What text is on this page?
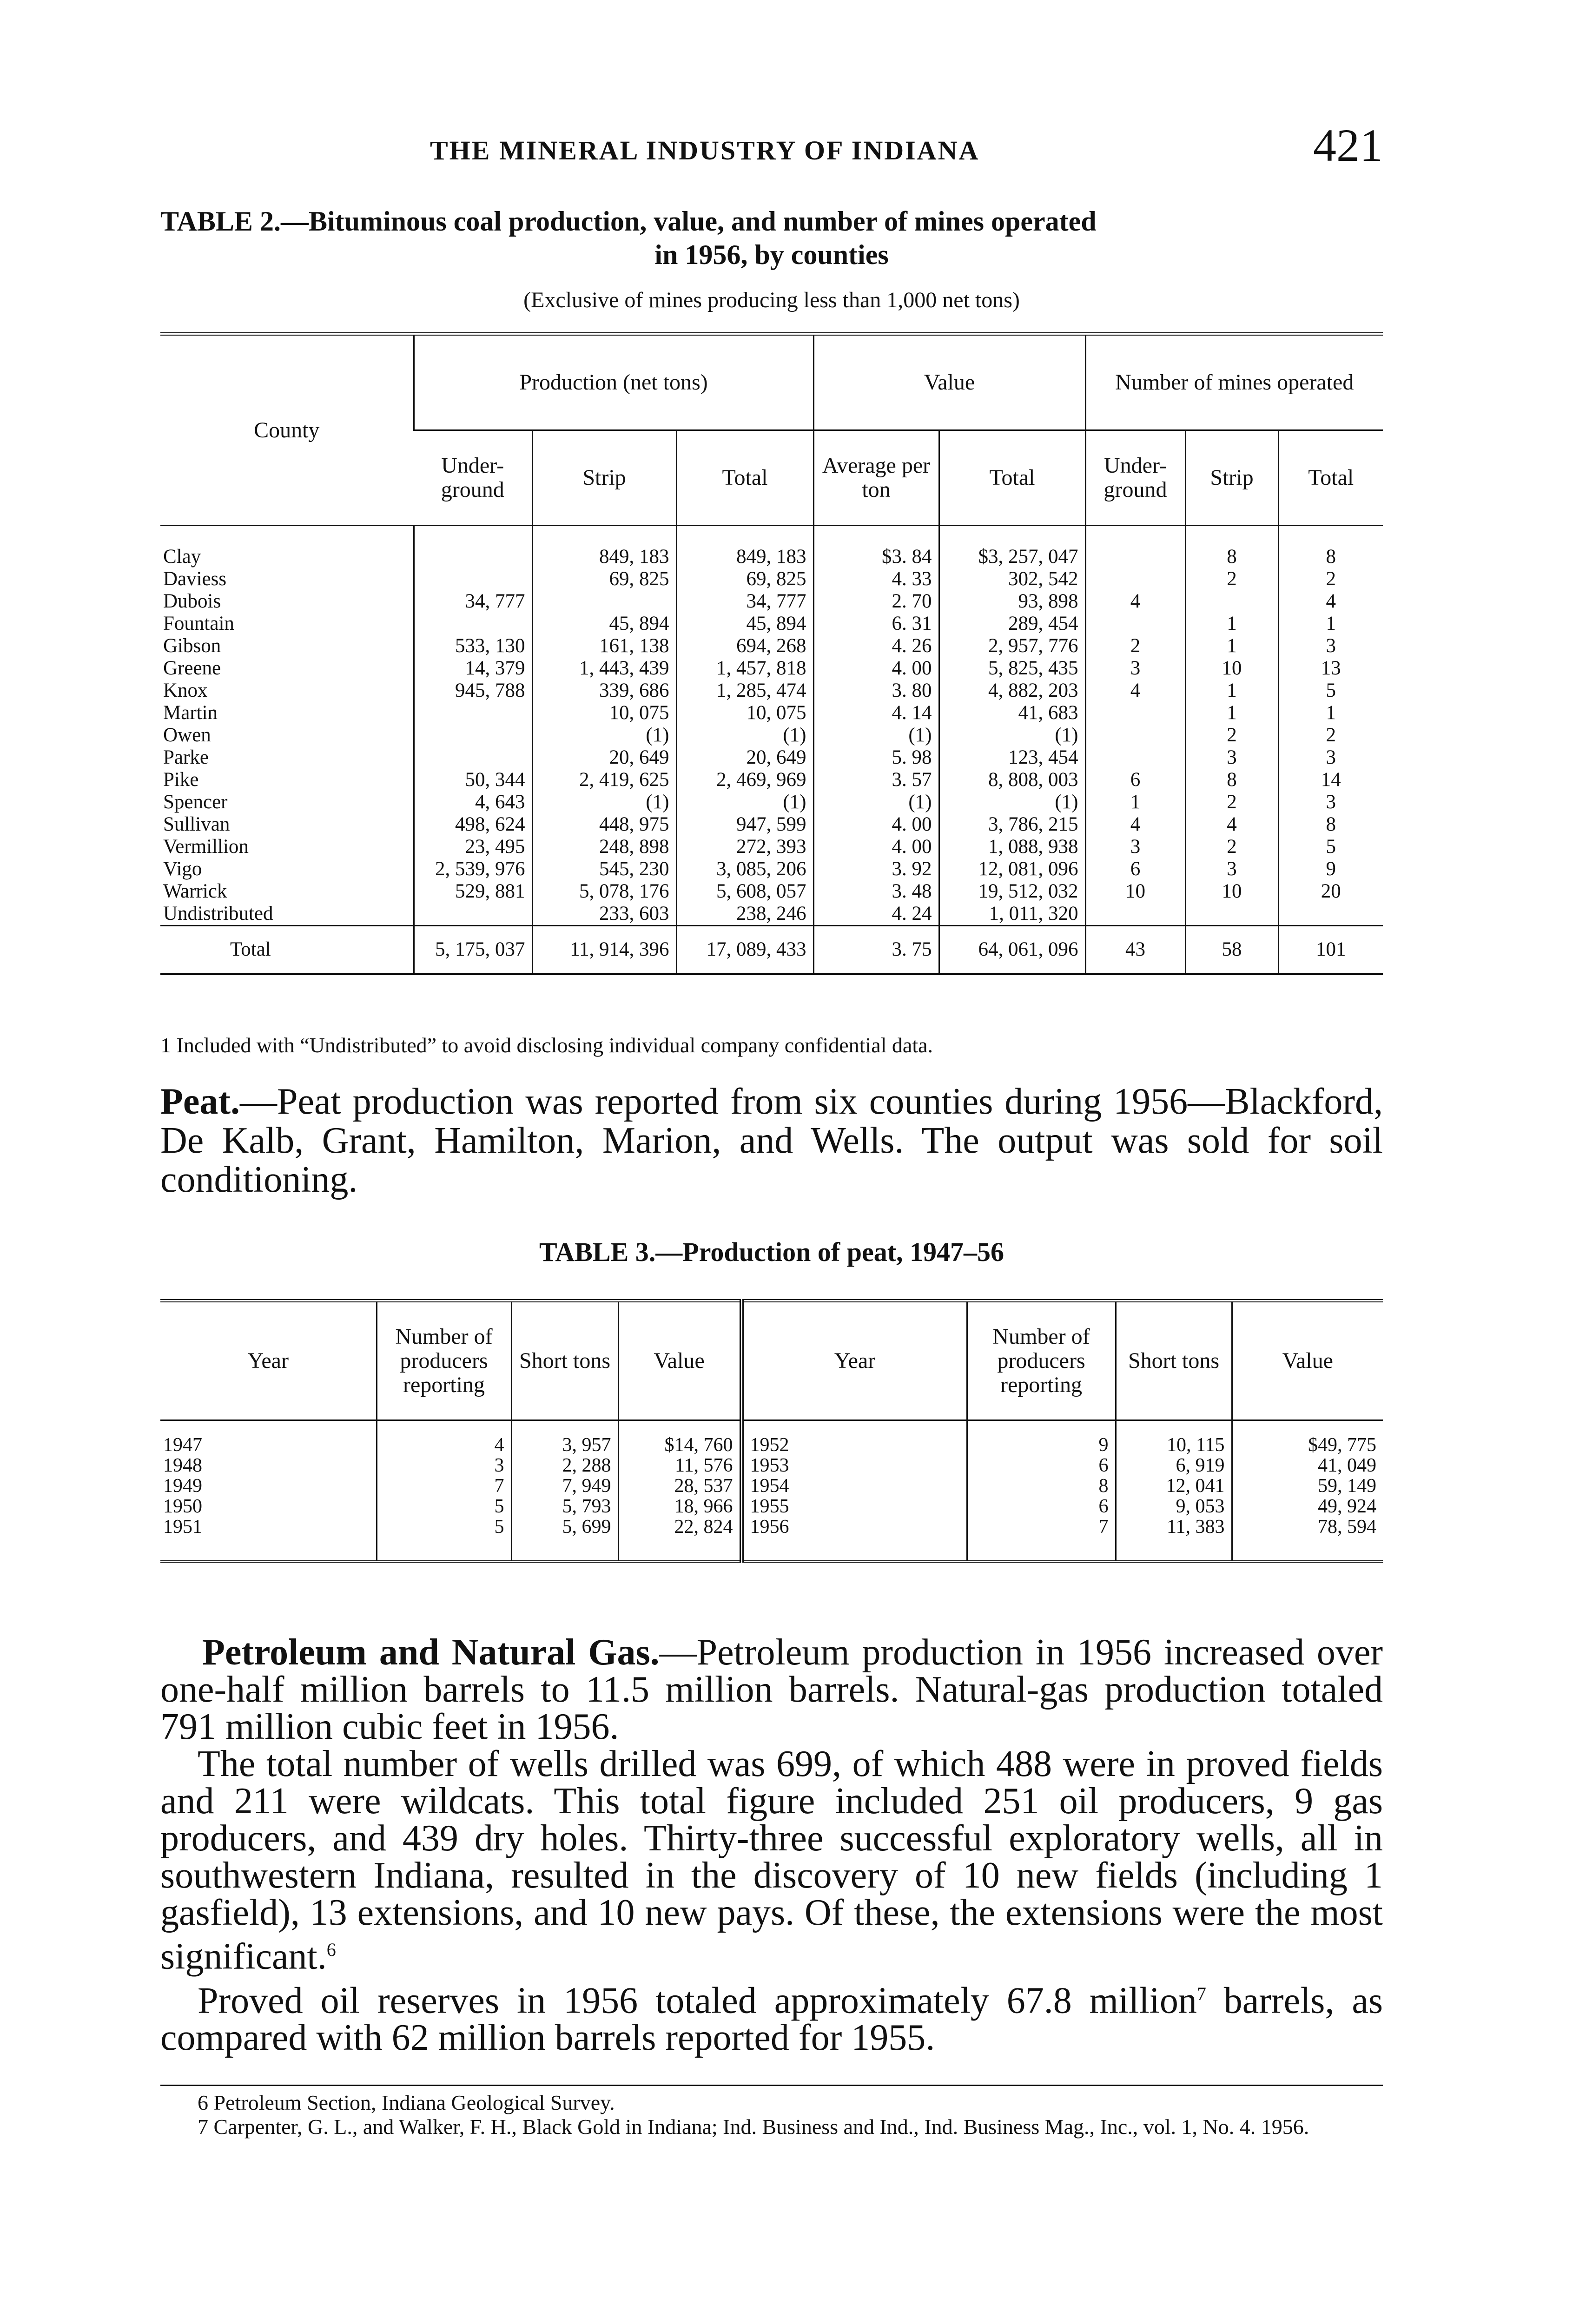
THE MINERAL INDUSTRY OF INDIANA	421
TABLE 2.—Bituminous coal production, value, and number of mines operated
in 1956, by counties
(Exclusive of mines producing less than 1,000 net tons)
County	Production (net tons)			Value		Number of mines operated		
	Under-ground	Strip	Total	Average per ton	Total	Under-ground	Strip	Total
Clay		849, 183	849, 183	$3. 84	$3, 257, 047		8	8
Daviess		69, 825	69, 825	4. 33	302, 542		2	2
Dubois	34, 777		34, 777	2. 70	93, 898	4		4
Fountain		45, 894	45, 894	6. 31	289, 454		1	1
Gibson	533, 130	161, 138	694, 268	4. 26	2, 957, 776	2	1	3
Greene	14, 379	1, 443, 439	1, 457, 818	4. 00	5, 825, 435	3	10	13
Knox	945, 788	339, 686	1, 285, 474	3. 80	4, 882, 203	4	1	5
Martin		10, 075	10, 075	4. 14	41, 683		1	1
Owen		(1)	(1)	(1)	(1)		2	2
Parke		20, 649	20, 649	5. 98	123, 454		3	3
Pike	50, 344	2, 419, 625	2, 469, 969	3. 57	8, 808, 003	6	8	14
Spencer	4, 643	(1)	(1)	(1)	(1)	1	2	3
Sullivan	498, 624	448, 975	947, 599	4. 00	3, 786, 215	4	4	8
Vermillion	23, 495	248, 898	272, 393	4. 00	1, 088, 938	3	2	5
Vigo	2, 539, 976	545, 230	3, 085, 206	3. 92	12, 081, 096	6	3	9
Warrick	529, 881	5, 078, 176	5, 608, 057	3. 48	19, 512, 032	10	10	20
Undistributed		233, 603	238, 246	4. 24	1, 011, 320			
Total	5, 175, 037	11, 914, 396	17, 089, 433	3. 75	64, 061, 096	43	58	101
1 Included with “Undistributed” to avoid disclosing individual company confidential data.
Peat.—Peat production was reported from six counties during 1956—Blackford, De Kalb, Grant, Hamilton, Marion, and Wells. The output was sold for soil conditioning.
TABLE 3.—Production of peat, 1947–56
Year	Number of producers reporting	Short tons	Value	Year	Number of producers reporting	Short tons	Value
1947	4	3, 957	$14, 760	1952	9	10, 115	$49, 775
1948	3	2, 288	11, 576	1953	6	6, 919	41, 049
1949	7	7, 949	28, 537	1954	8	12, 041	59, 149
1950	5	5, 793	18, 966	1955	6	9, 053	49, 924
1951	5	5, 699	22, 824	1956	7	11, 383	78, 594

Petroleum and Natural Gas.—Petroleum production in 1956 increased over one-half million barrels to 11.5 million barrels. Natural-gas production totaled 791 million cubic feet in 1956.

The total number of wells drilled was 699, of which 488 were in proved fields and 211 were wildcats. This total figure included 251 oil producers, 9 gas producers, and 439 dry holes. Thirty-three successful exploratory wells, all in southwestern Indiana, resulted in the discovery of 10 new fields (including 1 gasfield), 13 extensions, and 10 new pays. Of these, the extensions were the most significant.$^6$

Proved oil reserves in 1956 totaled approximately 67.8 million$^7$ barrels, as compared with 62 million barrels reported for 1955.

6 Petroleum Section, Indiana Geological Survey.
7 Carpenter, G. L., and Walker, F. H., Black Gold in Indiana; Ind. Business and Ind., Ind. Business Mag., Inc., vol. 1, No. 4. 1956.
